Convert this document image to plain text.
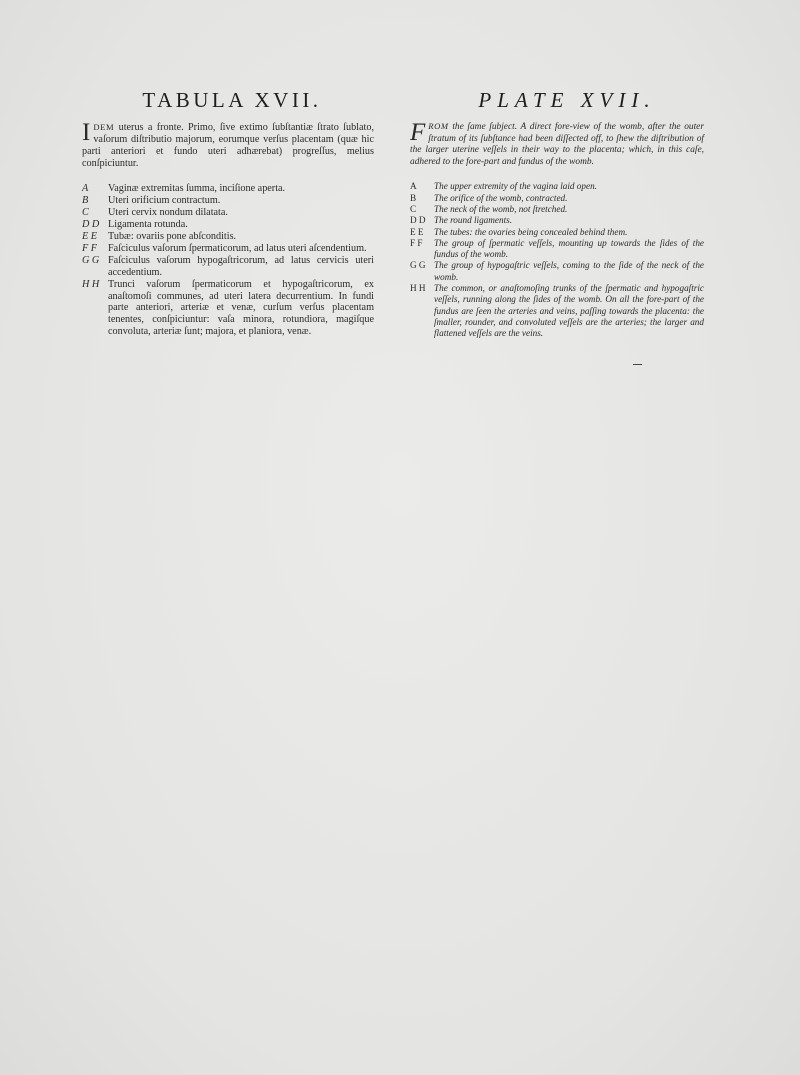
TABULA XVII.

IDEM uterus a fronte. Primo, ſive extimo ſubſtantiæ ſtrato ſublato, vaſorum diſtributio majorum, eorumque verſus placentam (quæ hic parti anteriori et fundo uteri adhærebat) progreſſus, melius conſpiciuntur.

A	Vaginæ extremitas ſumma, inciſione aperta.
B	Uteri orificium contractum.
C	Uteri cervix nondum dilatata.
D D Ligamenta rotunda.
E E	Tubæ: ovariis pone abſconditis.
F F	Faſciculus vaſorum ſpermaticorum, ad latus uteri aſcendentium.
G G Faſciculus vaſorum hypogaſtricorum, ad latus cervicis uteri accedentium.
H H Trunci vaſorum ſpermaticorum et hypogaſtricorum, ex anaſtomoſi communes, ad uteri latera decurrentium. In fundi parte anteriori, arteriæ et venæ, curſum verſus placentam tenentes, conſpiciuntur: vaſa minora, rotundiora, magiſque convoluta, arteriæ ſunt; majora, et planiora, venæ.
PLATE XVII.

FROM the ſame ſubject. A direct fore-view of the womb, after the outer ſtratum of its ſubſtance had been diſſected off, to ſhew the diſtribution of the larger uterine veſſels in their way to the placenta; which, in this caſe, adhered to the fore-part and fundus of the womb.

A	The upper extremity of the vagina laid open.
B	The orifice of the womb, contracted.
C	The neck of the womb, not ſtretched.
D D The round ligaments.
E E	The tubes: the ovaries being concealed behind them.
F F	The group of ſpermatic veſſels, mounting up towards the ſides of the fundus of the womb.
G G The group of hypogaſtric veſſels, coming to the ſide of the neck of the womb.
H H The common, or anaſtomoſing trunks of the ſpermatic and hypogaſtric veſſels, running along the ſides of the womb. On all the fore-part of the fundus are ſeen the arteries and veins, paſſing towards the placenta: the ſmaller, rounder, and convoluted veſſels are the arteries; the larger and flattened veſſels are the veins.
